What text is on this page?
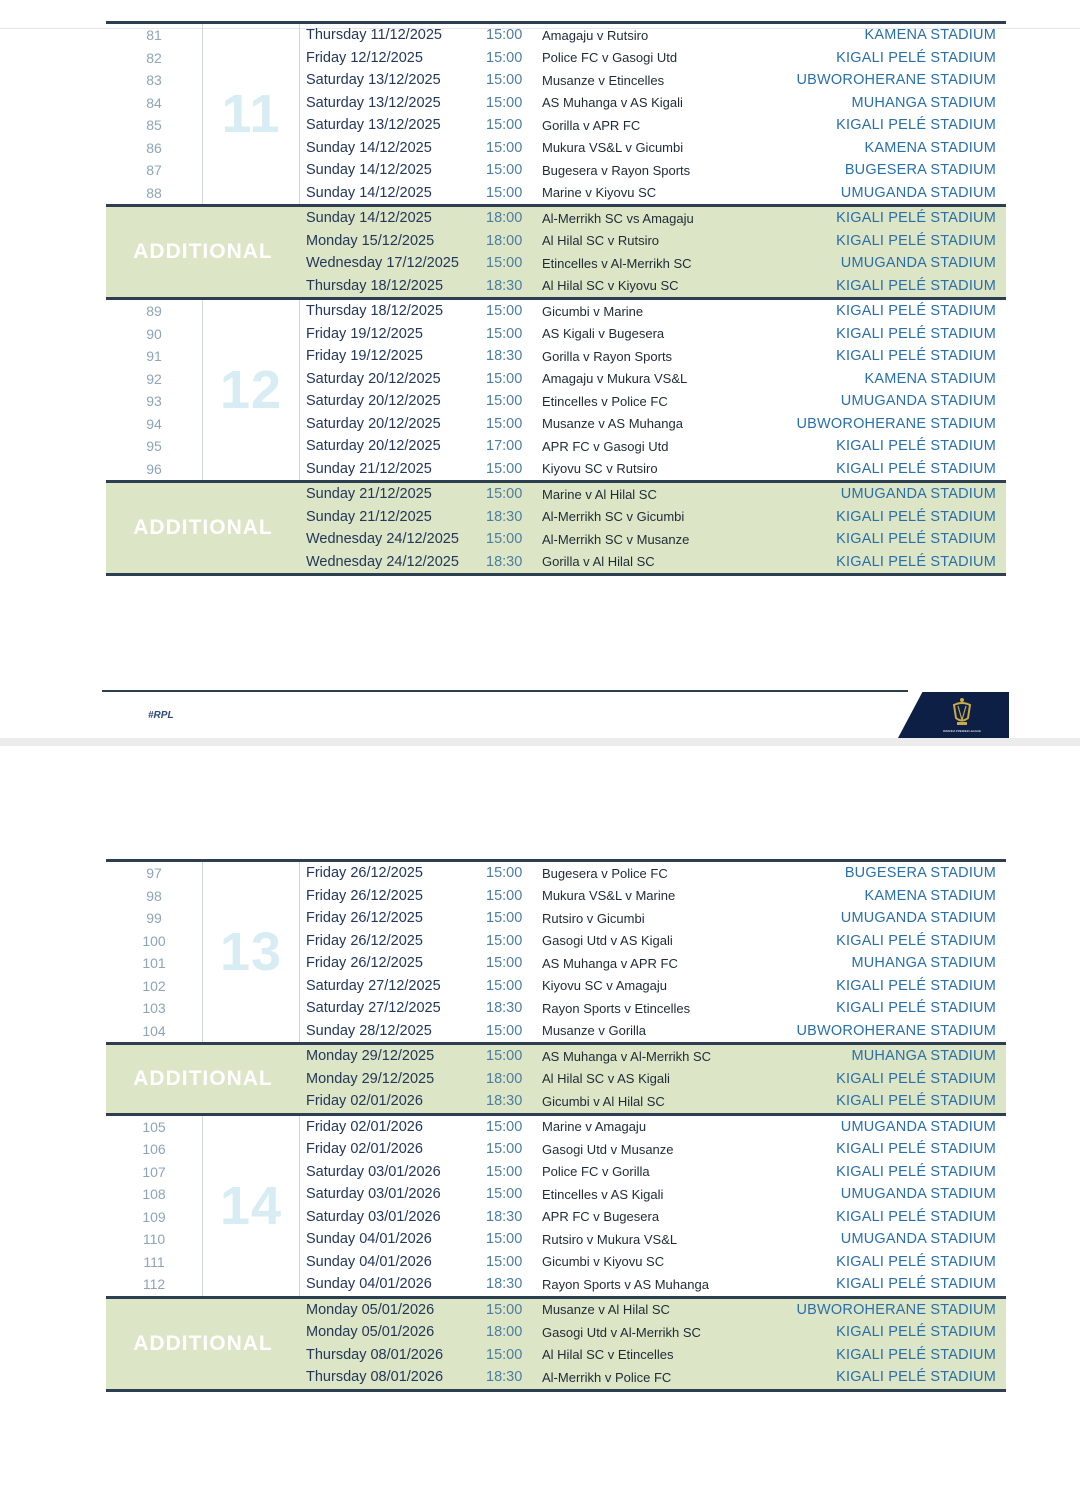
11
81	Thursday 11/12/2025	15:00	Amagaju v Rutsiro	KAMENA STADIUM
82	Friday 12/12/2025	15:00	Police FC v Gasogi Utd	KIGALI PELÉ STADIUM
83	Saturday 13/12/2025	15:00	Musanze v Etincelles	UBWOROHERANE STADIUM
84	Saturday 13/12/2025	15:00	AS Muhanga v AS Kigali	MUHANGA STADIUM
85	Saturday 13/12/2025	15:00	Gorilla v APR FC	KIGALI PELÉ STADIUM
86	Sunday 14/12/2025	15:00	Mukura VS&L v Gicumbi	KAMENA STADIUM
87	Sunday 14/12/2025	15:00	Bugesera v Rayon Sports	BUGESERA STADIUM
88	Sunday 14/12/2025	15:00	Marine v Kiyovu SC	UMUGANDA STADIUM
ADDITIONAL
Sunday 14/12/2025	18:00	Al-Merrikh SC vs Amagaju	KIGALI PELÉ STADIUM
Monday 15/12/2025	18:00	Al Hilal SC v Rutsiro	KIGALI PELÉ STADIUM
Wednesday 17/12/2025 15:00	Etincelles v Al-Merrikh SC	UMUGANDA STADIUM
Thursday 18/12/2025	18:30	Al Hilal SC v Kiyovu SC	KIGALI PELÉ STADIUM
12
89	Thursday 18/12/2025	15:00	Gicumbi v Marine	KIGALI PELÉ STADIUM
90	Friday 19/12/2025	15:00	AS Kigali v Bugesera	KIGALI PELÉ STADIUM
91	Friday 19/12/2025	18:30	Gorilla v Rayon Sports	KIGALI PELÉ STADIUM
92	Saturday 20/12/2025	15:00	Amagaju v Mukura VS&L	KAMENA STADIUM
93	Saturday 20/12/2025	15:00	Etincelles v Police FC	UMUGANDA STADIUM
94	Saturday 20/12/2025	15:00	Musanze v AS Muhanga	UBWOROHERANE STADIUM
95	Saturday 20/12/2025	17:00	APR FC v Gasogi Utd	KIGALI PELÉ STADIUM
96	Sunday 21/12/2025	15:00	Kiyovu SC v Rutsiro	KIGALI PELÉ STADIUM
ADDITIONAL
Sunday 21/12/2025	15:00	Marine v Al Hilal SC	UMUGANDA STADIUM
Sunday 21/12/2025	18:30	Al-Merrikh SC v Gicumbi	KIGALI PELÉ STADIUM
Wednesday 24/12/2025 15:00	Al-Merrikh SC v Musanze	KIGALI PELÉ STADIUM
Wednesday 24/12/2025 18:30	Gorilla v Al Hilal SC	KIGALI PELÉ STADIUM
#RPL
RWANDA PREMIER LEAGUE
13
97	Friday 26/12/2025	15:00	Bugesera v Police FC	BUGESERA STADIUM
98	Friday 26/12/2025	15:00	Mukura VS&L v Marine	KAMENA STADIUM
99	Friday 26/12/2025	15:00	Rutsiro v Gicumbi	UMUGANDA STADIUM
100	Friday 26/12/2025	15:00	Gasogi Utd v AS Kigali	KIGALI PELÉ STADIUM
101	Friday 26/12/2025	15:00	AS Muhanga v APR FC	MUHANGA STADIUM
102	Saturday 27/12/2025	15:00	Kiyovu SC v Amagaju	KIGALI PELÉ STADIUM
103	Saturday 27/12/2025	18:30	Rayon Sports v Etincelles	KIGALI PELÉ STADIUM
104	Sunday 28/12/2025	15:00	Musanze v Gorilla	UBWOROHERANE STADIUM
ADDITIONAL
Monday 29/12/2025	15:00	AS Muhanga v Al-Merrikh SC	MUHANGA STADIUM
Monday 29/12/2025	18:00	Al Hilal SC v AS Kigali	KIGALI PELÉ STADIUM
Friday 02/01/2026	18:30	Gicumbi v Al Hilal SC	KIGALI PELÉ STADIUM
14
105	Friday 02/01/2026	15:00	Marine v Amagaju	UMUGANDA STADIUM
106	Friday 02/01/2026	15:00	Gasogi Utd v Musanze	KIGALI PELÉ STADIUM
107	Saturday 03/01/2026	15:00	Police FC v Gorilla	KIGALI PELÉ STADIUM
108	Saturday 03/01/2026	15:00	Etincelles v AS Kigali	UMUGANDA STADIUM
109	Saturday 03/01/2026	18:30	APR FC v Bugesera	KIGALI PELÉ STADIUM
110	Sunday 04/01/2026	15:00	Rutsiro v Mukura VS&L	UMUGANDA STADIUM
111	Sunday 04/01/2026	15:00	Gicumbi v Kiyovu SC	KIGALI PELÉ STADIUM
112	Sunday 04/01/2026	18:30	Rayon Sports v AS Muhanga	KIGALI PELÉ STADIUM
ADDITIONAL
Monday 05/01/2026	15:00	Musanze v Al Hilal SC	UBWOROHERANE STADIUM
Monday 05/01/2026	18:00	Gasogi Utd v Al-Merrikh SC	KIGALI PELÉ STADIUM
Thursday 08/01/2026	15:00	Al Hilal SC v Etincelles	KIGALI PELÉ STADIUM
Thursday 08/01/2026	18:30	Al-Merrikh v Police FC	KIGALI PELÉ STADIUM
